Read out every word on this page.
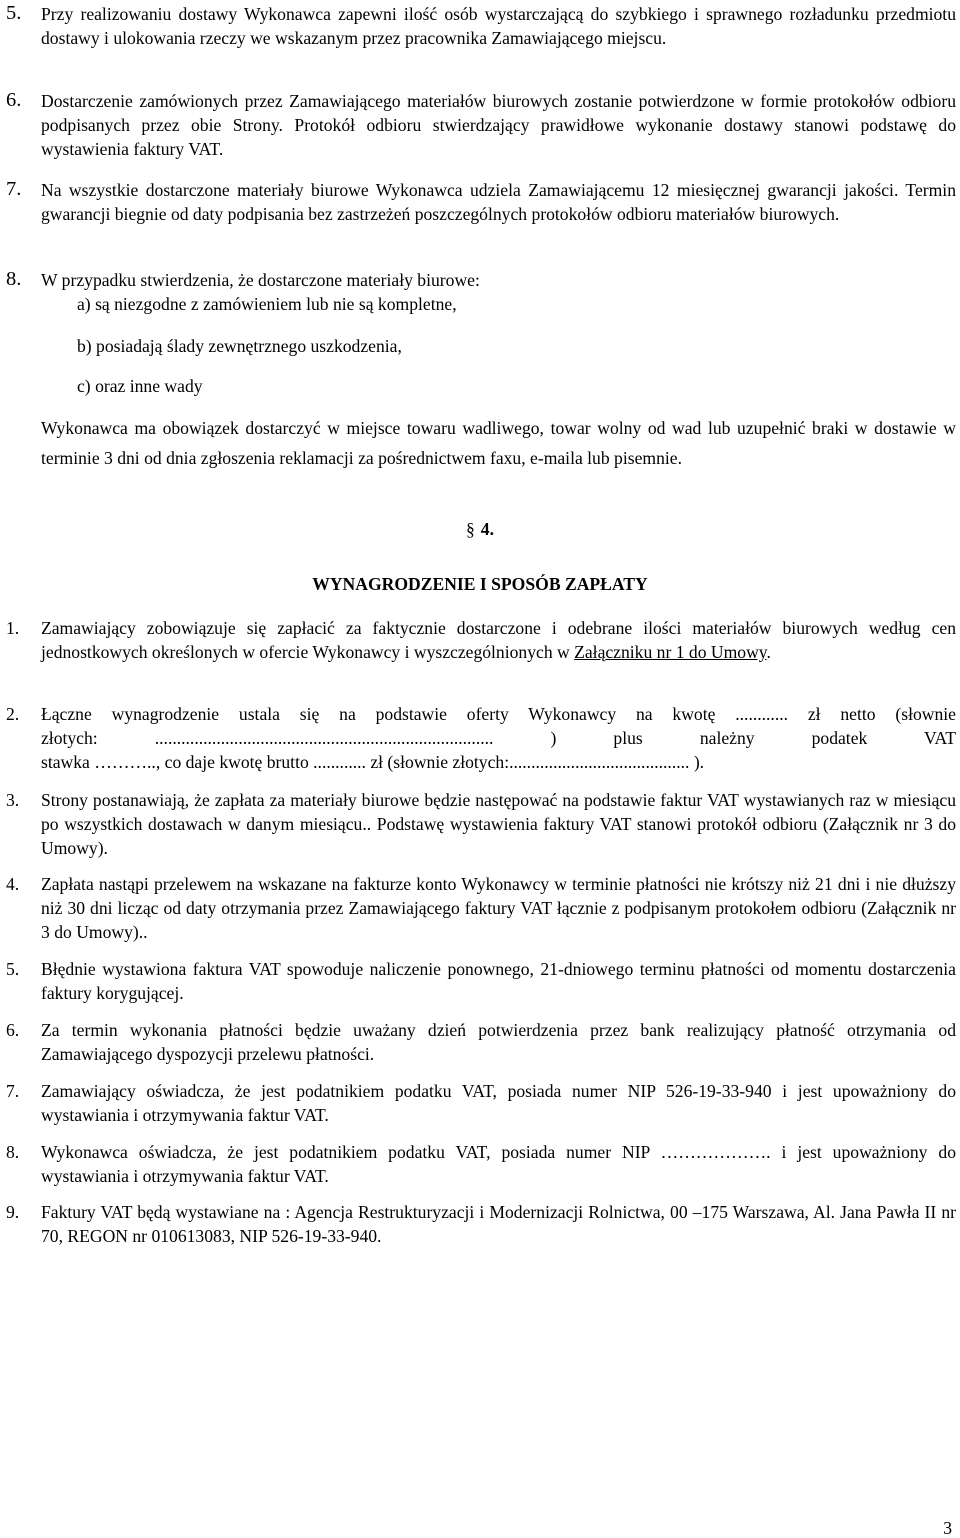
5. Przy realizowaniu dostawy Wykonawca zapewni ilość osób wystarczającą do szybkiego i sprawnego rozładunku przedmiotu dostawy i ulokowania rzeczy we wskazanym przez pracownika Zamawiającego miejscu.
6. Dostarczenie zamówionych przez Zamawiającego materiałów biurowych zostanie potwierdzone w formie protokołów odbioru podpisanych przez obie Strony. Protokół odbioru stwierdzający prawidłowe wykonanie dostawy stanowi podstawę do wystawienia faktury VAT.
7. Na wszystkie dostarczone materiały biurowe Wykonawca udziela Zamawiającemu 12 miesięcznej gwarancji jakości. Termin gwarancji biegnie od daty podpisania bez zastrzeżeń poszczególnych protokołów odbioru materiałów biurowych.
8. W przypadku stwierdzenia, że dostarczone materiały biurowe:
a) są niezgodne z zamówieniem lub nie są kompletne,
b) posiadają ślady zewnętrznego uszkodzenia,
c) oraz inne wady
Wykonawca ma obowiązek dostarczyć w miejsce towaru wadliwego, towar wolny od wad lub uzupełnić braki w dostawie w terminie 3 dni od dnia zgłoszenia reklamacji za pośrednictwem faxu, e-maila lub pisemnie.
§ 4.
WYNAGRODZENIE I SPOSÓB ZAPŁATY
1. Zamawiający zobowiązuje się zapłacić za faktycznie dostarczone i odebrane ilości materiałów biurowych według cen jednostkowych określonych w ofercie Wykonawcy i wyszczególnionych w Załączniku nr 1 do Umowy.
2. Łączne wynagrodzenie ustala się na podstawie oferty Wykonawcy na kwotę ............ zł netto (słownie
złotych: ............................................................................. ) plus należny podatek VAT
stawka ……….., co daje kwotę brutto ............ zł (słownie złotych:......................................... ).
3. Strony postanawiają, że zapłata za materiały biurowe będzie następować na podstawie faktur VAT wystawianych raz w miesiącu po wszystkich dostawach w danym miesiącu.. Podstawę wystawienia faktury VAT stanowi protokół odbioru (Załącznik nr 3 do Umowy).
4. Zapłata nastąpi przelewem na wskazane na fakturze konto Wykonawcy w terminie płatności nie krótszy niż 21 dni i nie dłuższy niż 30 dni licząc od daty otrzymania przez Zamawiającego faktury VAT łącznie z podpisanym protokołem odbioru (Załącznik nr 3 do Umowy)..
5. Błędnie wystawiona faktura VAT spowoduje naliczenie ponownego, 21-dniowego terminu płatności od momentu dostarczenia faktury korygującej.
6. Za termin wykonania płatności będzie uważany dzień potwierdzenia przez bank realizujący płatność otrzymania od Zamawiającego dyspozycji przelewu płatności.
7. Zamawiający oświadcza, że jest podatnikiem podatku VAT, posiada numer NIP 526-19-33-940 i jest upoważniony do wystawiania i otrzymywania faktur VAT.
8. Wykonawca oświadcza, że jest podatnikiem podatku VAT, posiada numer NIP ………………. i jest upoważniony do wystawiania i otrzymywania faktur VAT.
9. Faktury VAT będą wystawiane na : Agencja Restrukturyzacji i Modernizacji Rolnictwa, 00 –175 Warszawa, Al. Jana Pawła II nr 70, REGON nr 010613083, NIP 526-19-33-940.
3
